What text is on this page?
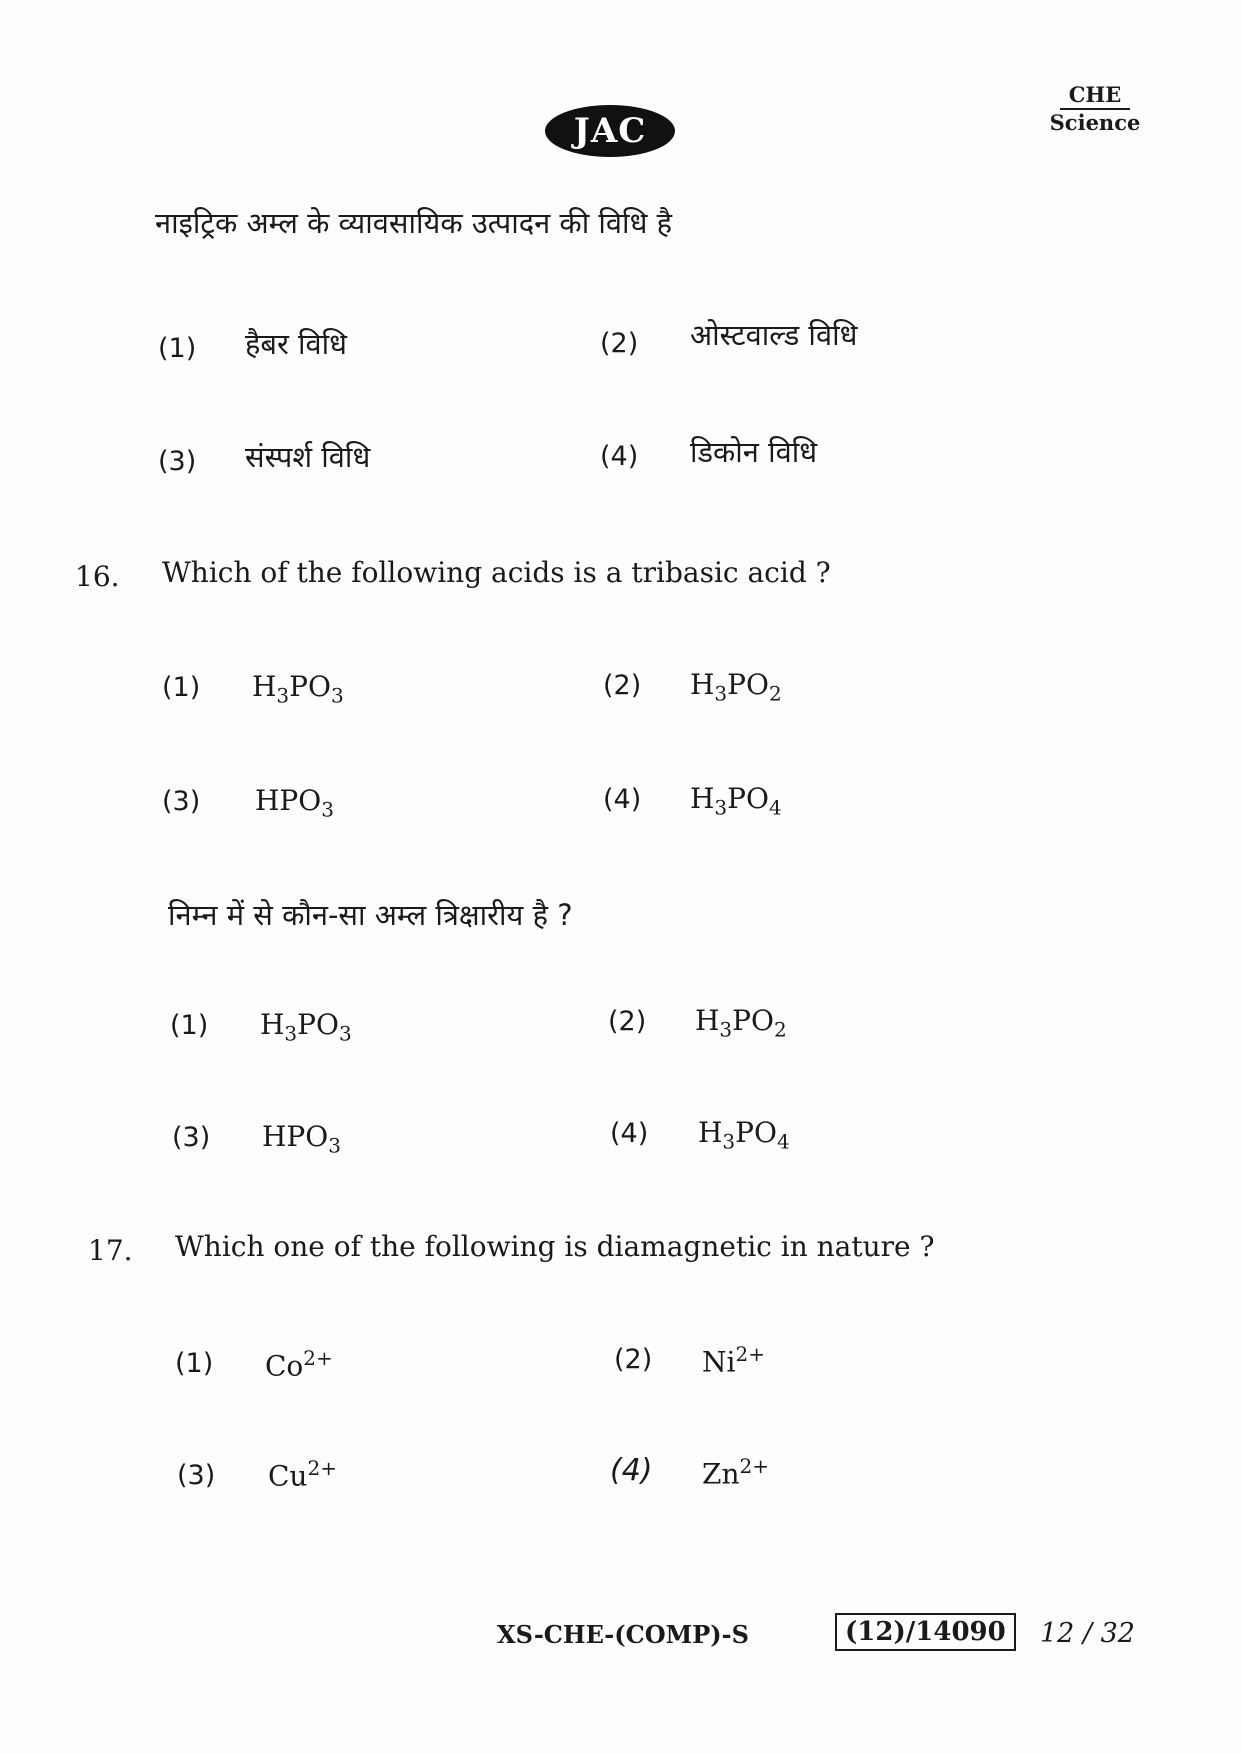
JAC
CHE
Science
नाइट्रिक अम्ल के व्यावसायिक उत्पादन की विधि है
(1) हैबर विधि	(2) ओस्टवाल्ड विधि
(3) संस्पर्श विधि	(4) डिकोन विधि
16. Which of the following acids is a tribasic acid ?
(1) $H_3PO_3$	(2) $H_3PO_2$
(3) $HPO_3$	(4) $H_3PO_4$
निम्न में से कौन-सा अम्ल त्रिक्षारीय है ?
(1) $H_3PO_3$	(2) $H_3PO_2$
(3) $HPO_3$	(4) $H_3PO_4$
17. Which one of the following is diamagnetic in nature ?
(1) $Co^{2+}$	(2) $Ni^{2+}$
(3) $Cu^{2+}$	(4) $Zn^{2+}$
XS-CHE-(COMP)-S	(12)/14090	12 / 32
